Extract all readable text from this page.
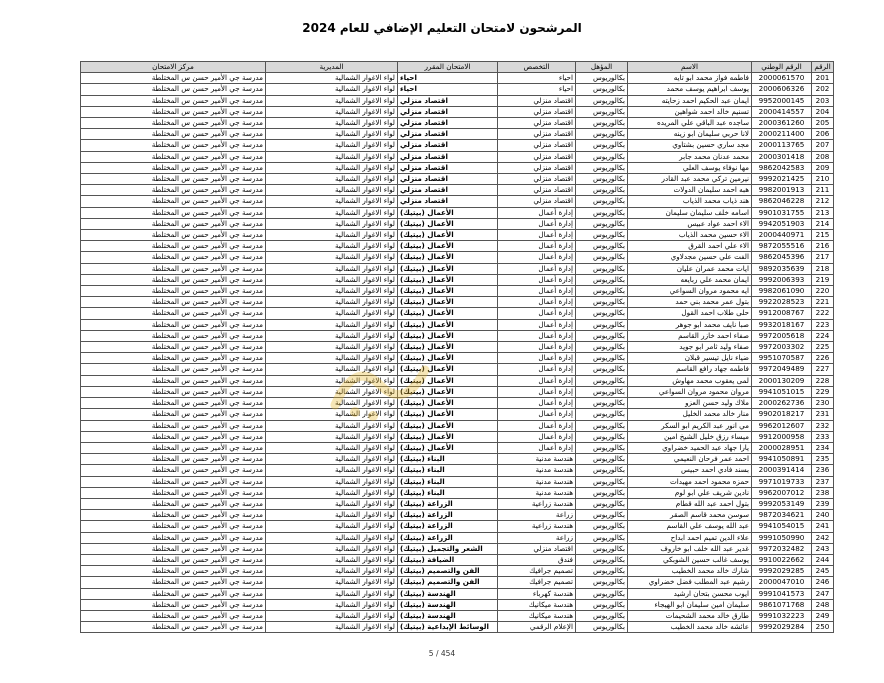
المرشحون لامتحان التعليم الإضافي للعام 2024
الرقم	الرقم الوطني	الاسم	المؤهل	التخصص	الامتحان المقرر	المديرية	مركز الامتحان
201	2000061570	فاطمه فواز محمد ابو تايه	بكالوريوس	احياء	احياء	لواء الاغوار الشمالية	مدرسة جي الأمير حسن س المختلطة
202	2000606326	يوسف ابراهيم يوسف محمد	بكالوريوس	احياء	احياء	لواء الاغوار الشمالية	مدرسة جي الأمير حسن س المختلطة
203	9952000145	ايمان عبد الحكيم احمد زحايته	بكالوريوس	اقتصاد منزلي	اقتصاد منزلي	لواء الاغوار الشمالية	مدرسة جي الأمير حسن س المختلطة
204	2000414557	تسنيم خالد احمد شواهين	بكالوريوس	اقتصاد منزلي	اقتصاد منزلي	لواء الاغوار الشمالية	مدرسة جي الأمير حسن س المختلطة
205	2000361260	ساجده عبد الباقي علي المريده	بكالوريوس	اقتصاد منزلي	اقتصاد منزلي	لواء الاغوار الشمالية	مدرسة جي الأمير حسن س المختلطة
206	2000211400	لانا حربي سليمان ابو زينه	بكالوريوس	اقتصاد منزلي	اقتصاد منزلي	لواء الاغوار الشمالية	مدرسة جي الأمير حسن س المختلطة
207	2000113765	مجد ساري حسين بشتاوي	بكالوريوس	اقتصاد منزلي	اقتصاد منزلي	لواء الاغوار الشمالية	مدرسة جي الأمير حسن س المختلطة
208	2000301418	محمد عدنان محمد جابر	بكالوريوس	اقتصاد منزلي	اقتصاد منزلي	لواء الاغوار الشمالية	مدرسة جي الأمير حسن س المختلطة
209	9862042583	مها نوفاء يوسف العلي	بكالوريوس	اقتصاد منزلي	اقتصاد منزلي	لواء الاغوار الشمالية	مدرسة جي الأمير حسن س المختلطة
210	9992021425	نيرمين تركي محمد عبد القادر	بكالوريوس	اقتصاد منزلي	اقتصاد منزلي	لواء الاغوار الشمالية	مدرسة جي الأمير حسن س المختلطة
211	9982001913	هبه احمد سليمان الدولات	بكالوريوس	اقتصاد منزلي	اقتصاد منزلي	لواء الاغوار الشمالية	مدرسة جي الأمير حسن س المختلطة
212	9862046228	هند ذياب محمد الذياب	بكالوريوس	اقتصاد منزلي	اقتصاد منزلي	لواء الاغوار الشمالية	مدرسة جي الأمير حسن س المختلطة
213	9901031755	اسامه خلف سليمان سليمان	بكالوريوس	إدارة أعمال	الأعمال (بيتيك)	لواء الاغوار الشمالية	مدرسة جي الأمير حسن س المختلطة
214	9942051903	الاء احمد عواد عبيس	بكالوريوس	إدارة أعمال	الأعمال (بيتيك)	لواء الاغوار الشمالية	مدرسة جي الأمير حسن س المختلطة
215	2000440971	الاء حسين محمد الذياب	بكالوريوس	إدارة أعمال	الأعمال (بيتيك)	لواء الاغوار الشمالية	مدرسة جي الأمير حسن س المختلطة
216	9872055516	الاء علي احمد القرق	بكالوريوس	إدارة أعمال	الأعمال (بيتيك)	لواء الاغوار الشمالية	مدرسة جي الأمير حسن س المختلطة
217	9862045396	الفت علي حسين مجدلاوي	بكالوريوس	إدارة أعمال	الأعمال (بيتيك)	لواء الاغوار الشمالية	مدرسة جي الأمير حسن س المختلطة
218	9892035639	ايات محمد عمران عليان	بكالوريوس	إدارة أعمال	الأعمال (بيتيك)	لواء الاغوار الشمالية	مدرسة جي الأمير حسن س المختلطة
219	9992006393	ايمان محمد علي ربايعه	بكالوريوس	إدارة أعمال	الأعمال (بيتيك)	لواء الاغوار الشمالية	مدرسة جي الأمير حسن س المختلطة
220	9982061090	ايه محمود مروان السواعي	بكالوريوس	إدارة أعمال	الأعمال (بيتيك)	لواء الاغوار الشمالية	مدرسة جي الأمير حسن س المختلطة
221	9922028523	بتول عمر محمد بني حمد	بكالوريوس	إدارة أعمال	الأعمال (بيتيك)	لواء الاغوار الشمالية	مدرسة جي الأمير حسن س المختلطة
222	9912008767	حلى طلاب احمد القول	بكالوريوس	إدارة أعمال	الأعمال (بيتيك)	لواء الاغوار الشمالية	مدرسة جي الأمير حسن س المختلطة
223	9932018167	صبا نايف محمد ابو جوهر	بكالوريوس	إدارة أعمال	الأعمال (بيتيك)	لواء الاغوار الشمالية	مدرسة جي الأمير حسن س المختلطة
224	9972005618	صفاء احمد خازر القاسم	بكالوريوس	إدارة أعمال	الأعمال (بيتيك)	لواء الاغوار الشمالية	مدرسة جي الأمير حسن س المختلطة
225	9972003302	صفاء وليد ثامر ابو جويد	بكالوريوس	إدارة أعمال	الأعمال (بيتيك)	لواء الاغوار الشمالية	مدرسة جي الأمير حسن س المختلطة
226	9951070587	ضياء نايل تيسير قبلان	بكالوريوس	إدارة أعمال	الأعمال (بيتيك)	لواء الاغوار الشمالية	مدرسة جي الأمير حسن س المختلطة
227	9972049489	فاطمه جهاد رافع القاسم	بكالوريوس	إدارة أعمال	الأعمال (بيتيك)	لواء الاغوار الشمالية	مدرسة جي الأمير حسن س المختلطة
228	2000130209	لمى يعقوب محمد مهاوش	بكالوريوس	إدارة أعمال	الأعمال (بيتيك)	لواء الاغوار الشمالية	مدرسة جي الأمير حسن س المختلطة
229	9941051015	مروان محمود مروان السواعي	بكالوريوس	إدارة أعمال	الأعمال (بيتيك)	لواء الاغوار الشمالية	مدرسة جي الأمير حسن س المختلطة
230	2000262736	ملاك وليد حسن العزو	بكالوريوس	إدارة أعمال	الأعمال (بيتيك)	لواء الاغوار الشمالية	مدرسة جي الأمير حسن س المختلطة
231	9902018217	منار خالد محمد الخليل	بكالوريوس	إدارة أعمال	الأعمال (بيتيك)	لواء الاغوار الشمالية	مدرسة جي الأمير حسن س المختلطة
232	9962012607	مي انور عبد الكريم ابو السكر	بكالوريوس	إدارة أعمال	الأعمال (بيتيك)	لواء الاغوار الشمالية	مدرسة جي الأمير حسن س المختلطة
233	9912000958	ميساء رزق خليل الشيخ امين	بكالوريوس	إدارة أعمال	الأعمال (بيتيك)	لواء الاغوار الشمالية	مدرسة جي الأمير حسن س المختلطة
234	2000028951	يارا جهاد عبد الحميد خضراوي	بكالوريوس	إدارة أعمال	الأعمال (بيتيك)	لواء الاغوار الشمالية	مدرسة جي الأمير حسن س المختلطة
235	9941050891	احمد عمر فرحان النعيمي	بكالوريوس	هندسة مدنية	البناء (بيتيك)	لواء الاغوار الشمالية	مدرسة جي الأمير حسن س المختلطة
236	2000391414	بسند فادي احمد حبيس	بكالوريوس	هندسة مدنية	البناء (بيتيك)	لواء الاغوار الشمالية	مدرسة جي الأمير حسن س المختلطة
237	9971019733	حمزه محمود احمد مهيدات	بكالوريوس	هندسة مدنية	البناء (بيتيك)	لواء الاغوار الشمالية	مدرسة جي الأمير حسن س المختلطة
238	9962007012	نادين شريف علي ابو لوم	بكالوريوس	هندسة مدنية	البناء (بيتيك)	لواء الاغوار الشمالية	مدرسة جي الأمير حسن س المختلطة
239	9992053149	بتول احمد عبد الله قطام	بكالوريوس	هندسة زراعية	الزراعة (بيتيك)	لواء الاغوار الشمالية	مدرسة جي الأمير حسن س المختلطة
240	9872034621	سوسن محمد قاسم الصقر	بكالوريوس	زراعة	الزراعة (بيتيك)	لواء الاغوار الشمالية	مدرسة جي الأمير حسن س المختلطة
241	9941054015	عبد الله يوسف علي القاسم	بكالوريوس	هندسة زراعية	الزراعة (بيتيك)	لواء الاغوار الشمالية	مدرسة جي الأمير حسن س المختلطة
242	9991050990	علاء الدين تميم احمد ابداح	بكالوريوس	زراعة	الزراعة (بيتيك)	لواء الاغوار الشمالية	مدرسة جي الأمير حسن س المختلطة
243	9972032482	غدير عبد الله خلف ابو خاروف	بكالوريوس	اقتصاد منزلي	الشعر والتجميل (بيتيك)	لواء الاغوار الشمالية	مدرسة جي الأمير حسن س المختلطة
244	9910022662	يوسف غالب حسين الشوبكي	بكالوريوس	فندق	الضيافة (بيتيك)	لواء الاغوار الشمالية	مدرسة جي الأمير حسن س المختلطة
245	9992029285	شارك خالد محمد الخطيب	بكالوريوس	تصميم جرافيك	الفن والتصميم (بيتيك)	لواء الاغوار الشمالية	مدرسة جي الأمير حسن س المختلطة
246	2000047010	رشيم عبد المطلب فضل خضراوي	بكالوريوس	تصميم جرافيك	الفن والتصميم (بيتيك)	لواء الاغوار الشمالية	مدرسة جي الأمير حسن س المختلطة
247	9991041573	ايوب محسن بتحان ارشيد	بكالوريوس	هندسة كهرباء	الهندسة (بيتيك)	لواء الاغوار الشمالية	مدرسة جي الأمير حسن س المختلطة
248	9861071768	سليمان امين سليمان ابو الهيجاء	بكالوريوس	هندسة ميكانيك	الهندسة (بيتيك)	لواء الاغوار الشمالية	مدرسة جي الأمير حسن س المختلطة
249	9991032223	طارق خالد محمد الشحيمات	بكالوريوس	هندسة ميكانيك	الهندسة (بيتيك)	لواء الاغوار الشمالية	مدرسة جي الأمير حسن س المختلطة
250	9992029284	عائشه خالد محمد الخطيب	بكالوريوس	الإعلام الرقمي	الوسائط الإبداعية (بيتيك)	لواء الاغوار الشمالية	مدرسة جي الأمير حسن س المختلطة
5 / 454
